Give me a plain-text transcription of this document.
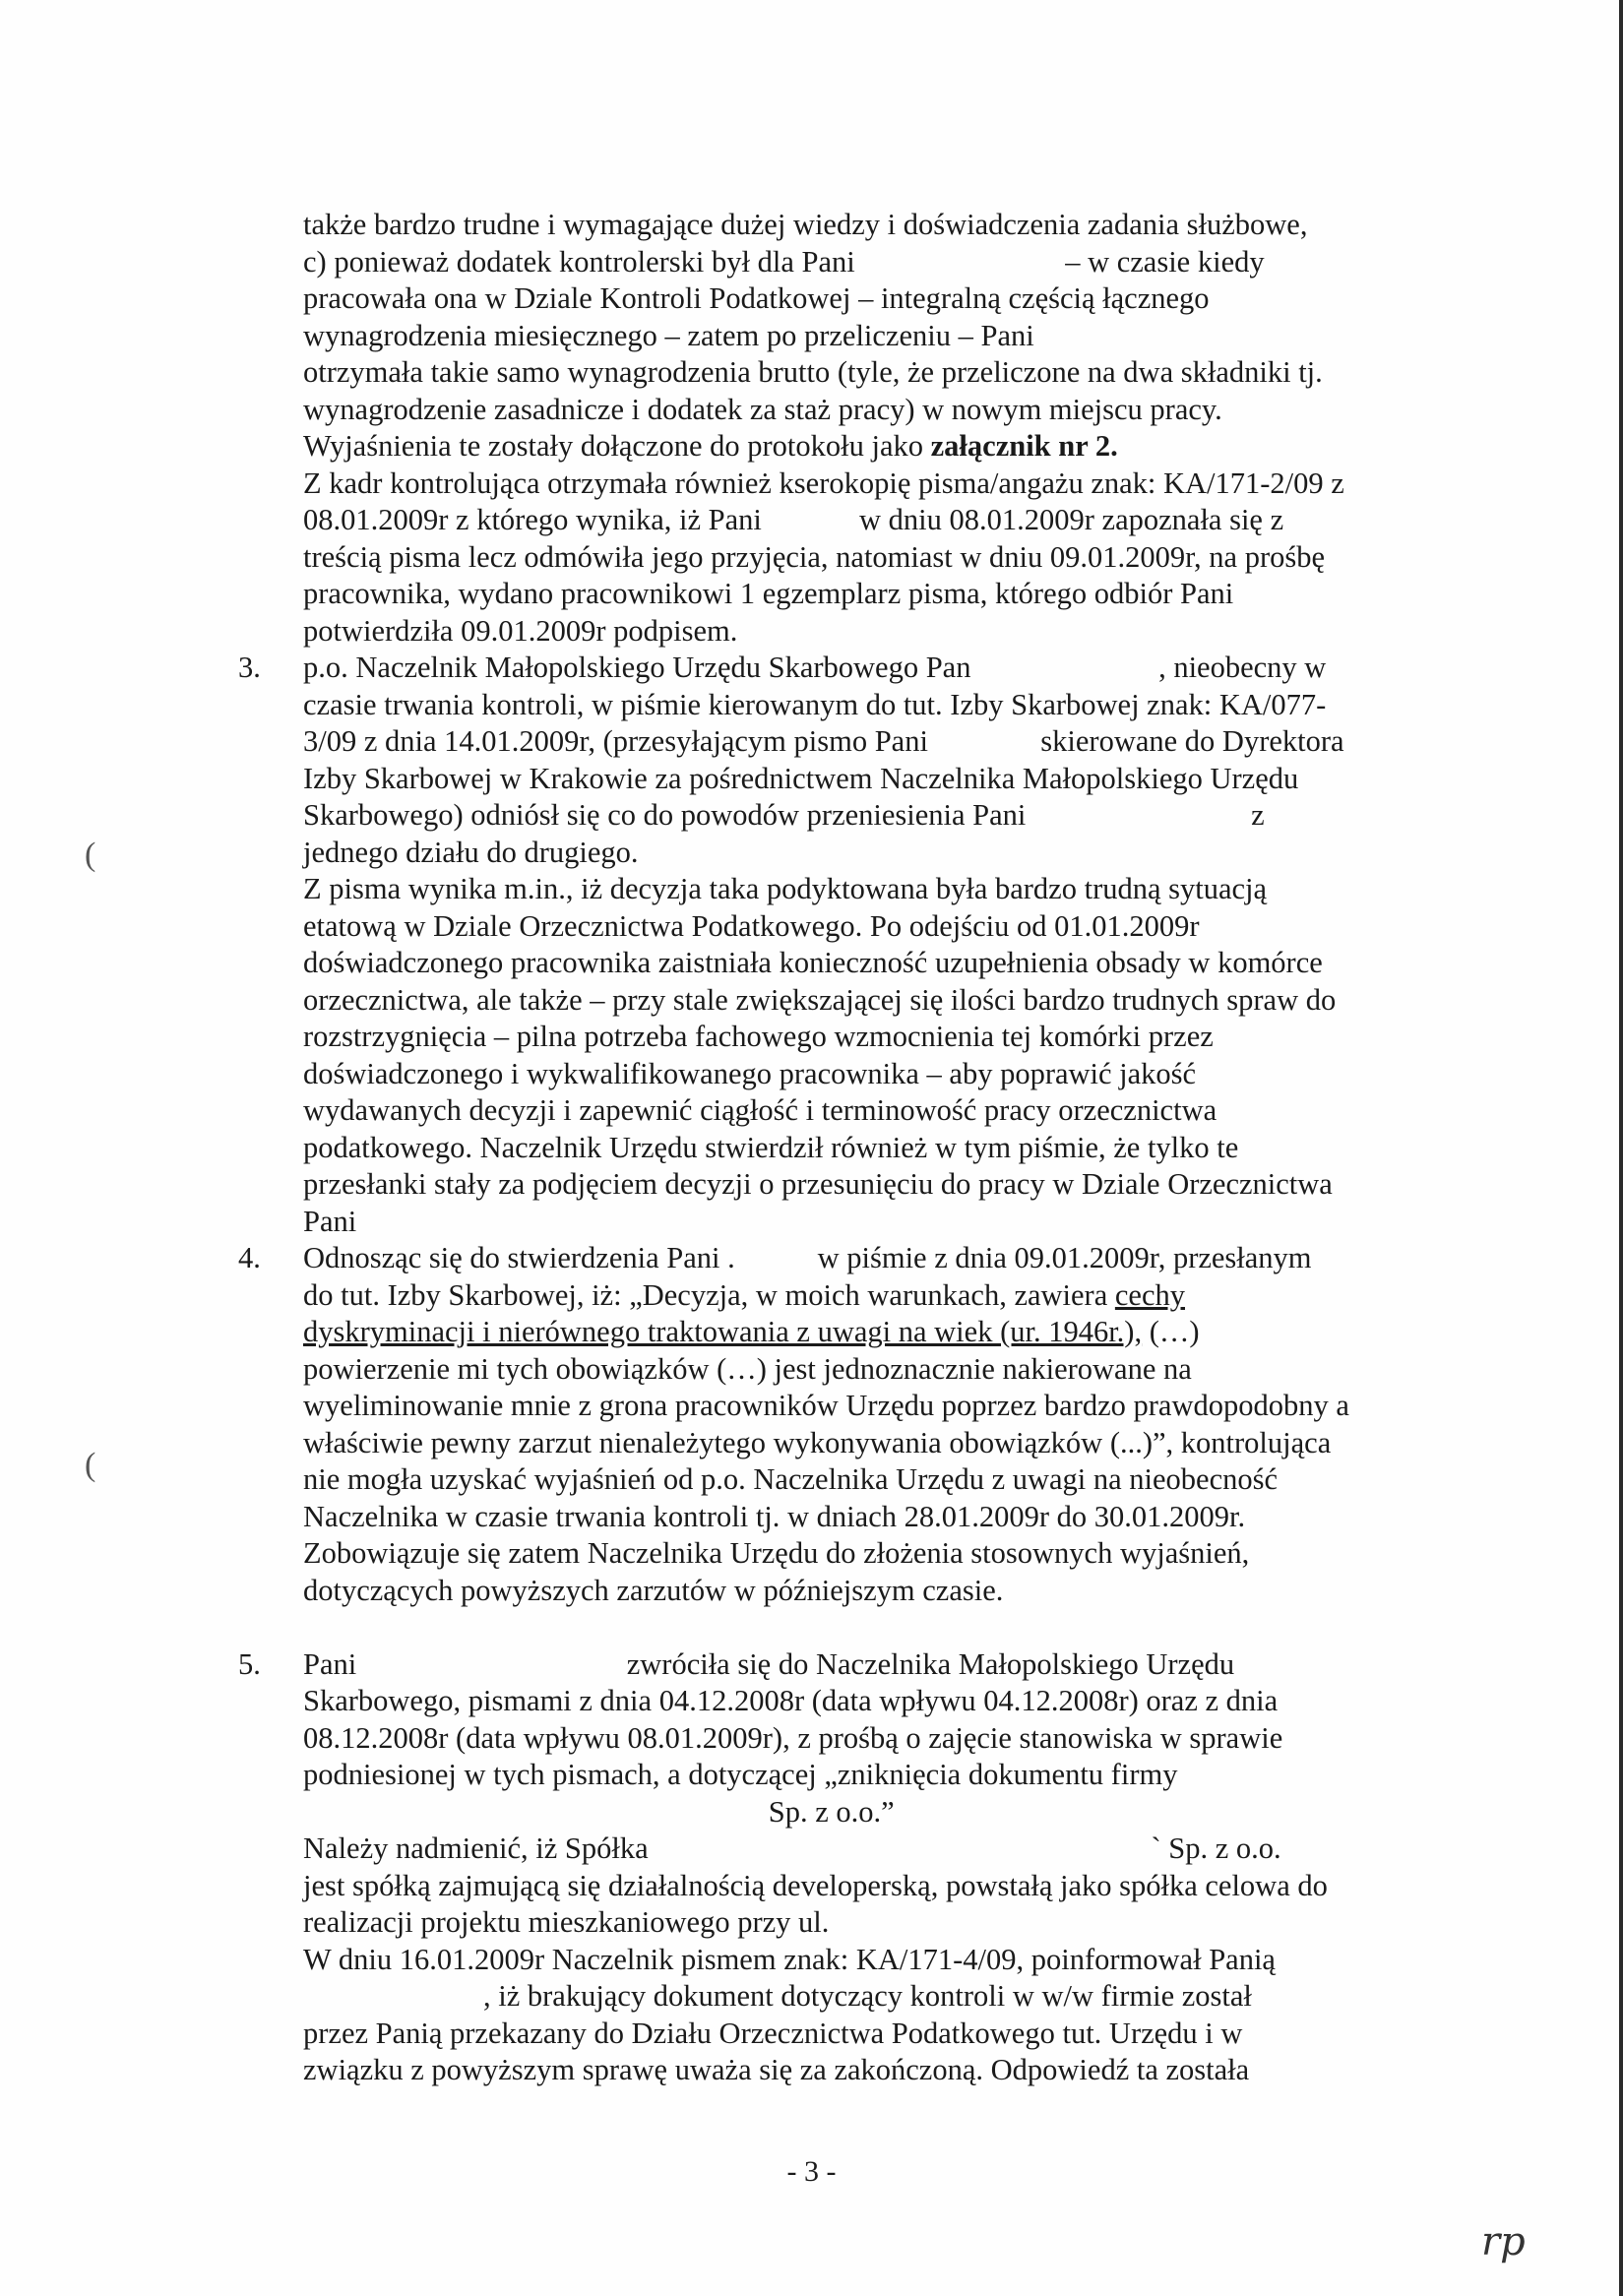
(
(
także bardzo trudne i wymagające dużej wiedzy i doświadczenia zadania służbowe,
c) ponieważ dodatek kontrolerski był dla Pani                            – w czasie kiedy
pracowała ona w Dziale Kontroli Podatkowej – integralną częścią łącznego
wynagrodzenia miesięcznego – zatem po przeliczeniu – Pani
otrzymała takie samo wynagrodzenia brutto (tyle, że przeliczone na dwa składniki tj.
wynagrodzenie zasadnicze i dodatek za staż pracy) w nowym miejscu pracy.
Wyjaśnienia te zostały dołączone do protokołu jako załącznik nr 2.
Z kadr kontrolująca otrzymała również kserokopię pisma/angażu znak: KA/171-2/09 z
08.01.2009r z którego wynika, iż Pani             w dniu 08.01.2009r zapoznała się z
treścią pisma lecz odmówiła jego przyjęcia, natomiast w dniu 09.01.2009r, na prośbę
pracownika, wydano pracownikowi 1 egzemplarz pisma, którego odbiór Pani
potwierdziła 09.01.2009r podpisem.
3. p.o. Naczelnik Małopolskiego Urzędu Skarbowego Pan                         , nieobecny w
czasie trwania kontroli, w piśmie kierowanym do tut. Izby Skarbowej znak: KA/077-
3/09 z dnia 14.01.2009r, (przesyłającym pismo Pani               skierowane do Dyrektora
Izby Skarbowej w Krakowie za pośrednictwem Naczelnika Małopolskiego Urzędu
Skarbowego) odniósł się co do powodów przeniesienia Pani                              z
jednego działu do drugiego.
Z pisma wynika m.in., iż decyzja taka podyktowana była bardzo trudną sytuacją
etatową w Dziale Orzecznictwa Podatkowego. Po odejściu od 01.01.2009r
doświadczonego pracownika zaistniała konieczność uzupełnienia obsady w komórce
orzecznictwa, ale także – przy stale zwiększającej się ilości bardzo trudnych spraw do
rozstrzygnięcia – pilna potrzeba fachowego wzmocnienia tej komórki przez
doświadczonego i wykwalifikowanego pracownika – aby poprawić jakość
wydawanych decyzji i zapewnić ciągłość i terminowość pracy orzecznictwa
podatkowego. Naczelnik Urzędu stwierdził również w tym piśmie, że tylko te
przesłanki stały za podjęciem decyzji o przesunięciu do pracy w Dziale Orzecznictwa
Pani
4. Odnosząc się do stwierdzenia Pani .           w piśmie z dnia 09.01.2009r, przesłanym
do tut. Izby Skarbowej, iż: „Decyzja, w moich warunkach, zawiera cechy
dyskryminacji i nierównego traktowania z uwagi na wiek (ur. 1946r.), (…)
powierzenie mi tych obowiązków (…) jest jednoznacznie nakierowane na
wyeliminowanie mnie z grona pracowników Urzędu poprzez bardzo prawdopodobny a
właściwie pewny zarzut nienależytego wykonywania obowiązków (...)”, kontrolująca
nie mogła uzyskać wyjaśnień od p.o. Naczelnika Urzędu z uwagi na nieobecność
Naczelnika w czasie trwania kontroli tj. w dniach 28.01.2009r do 30.01.2009r.
Zobowiązuje się zatem Naczelnika Urzędu do złożenia stosownych wyjaśnień,
dotyczących powyższych zarzutów w późniejszym czasie.
5. Pani                                    zwróciła się do Naczelnika Małopolskiego Urzędu
Skarbowego, pismami z dnia 04.12.2008r (data wpływu 04.12.2008r) oraz z dnia
08.12.2008r (data wpływu 08.01.2009r), z prośbą o zajęcie stanowiska w sprawie
podniesionej w tych pismach, a dotyczącej „zniknięcia dokumentu firmy
Sp. z o.o.”
Należy nadmienić, iż Spółka                                                                   ` Sp. z o.o.
jest spółką zajmującą się działalnością developerską, powstałą jako spółka celowa do
realizacji projektu mieszkaniowego przy ul.
W dniu 16.01.2009r Naczelnik pismem znak: KA/171-4/09, poinformował Panią
, iż brakujący dokument dotyczący kontroli w w/w firmie został
przez Panią przekazany do Działu Orzecznictwa Podatkowego tut. Urzędu i w
związku z powyższym sprawę uważa się za zakończoną. Odpowiedź ta została
- 3 -
rp
